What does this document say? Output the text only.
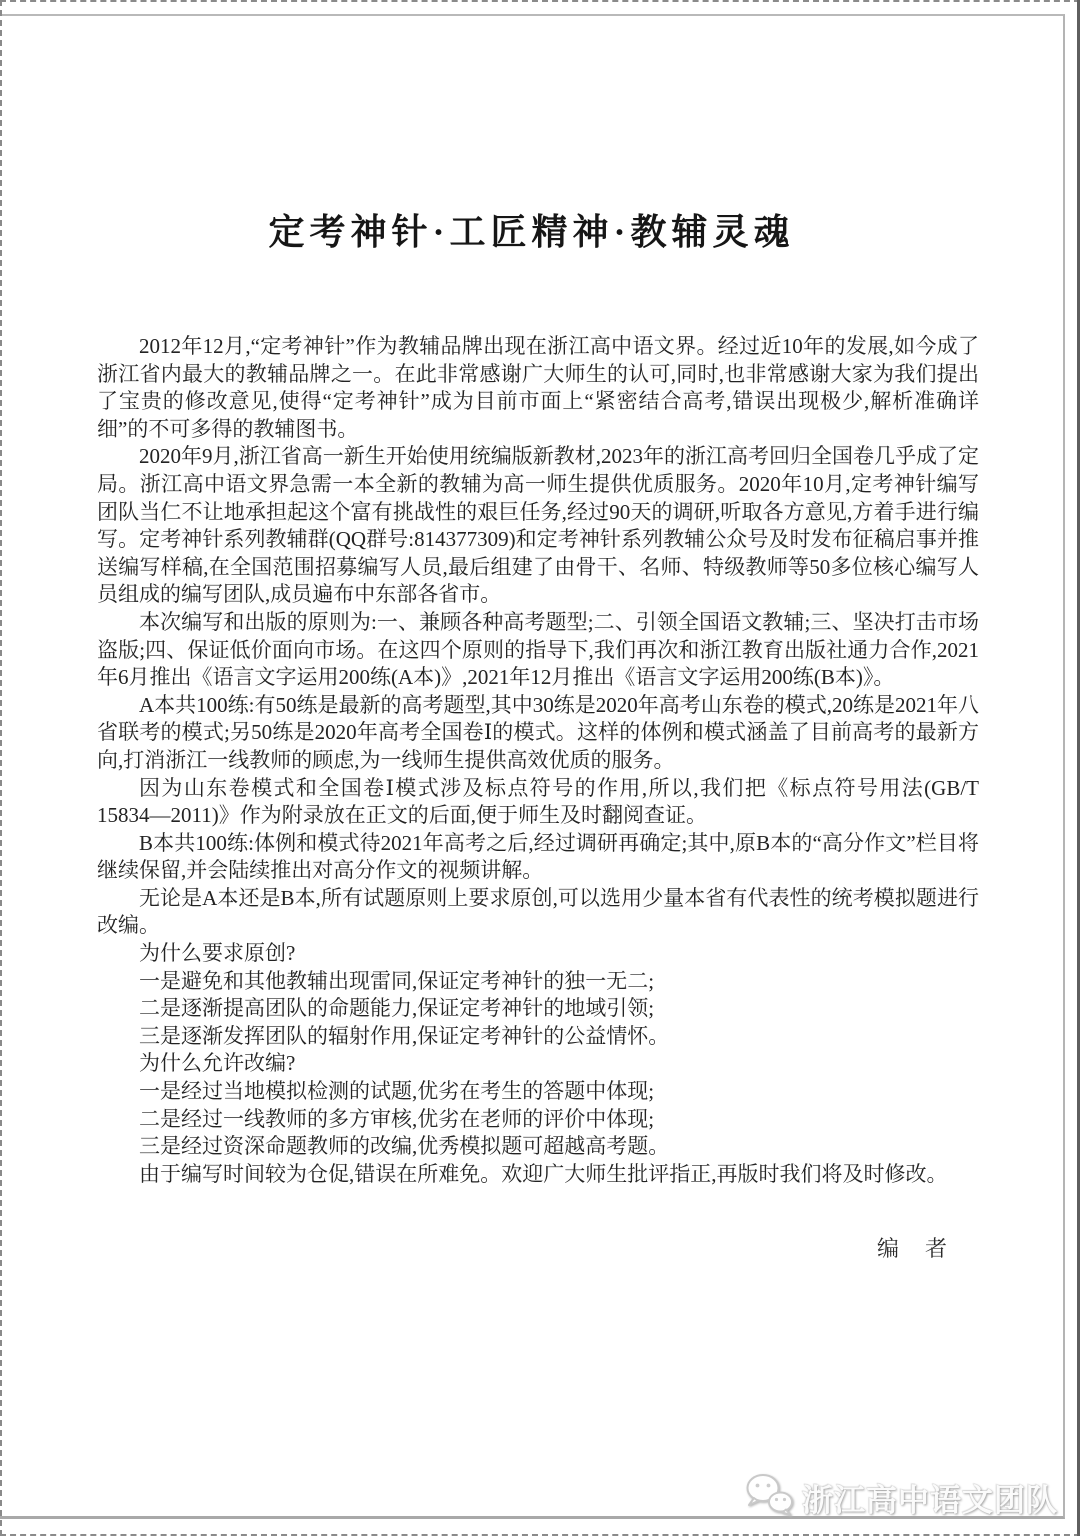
定考神针·工匠精神·教辅灵魂

2012年12月,“定考神针”作为教辅品牌出现在浙江高中语文界。经过近10年的发展,如今成了浙江省内最大的教辅品牌之一。在此非常感谢广大师生的认可,同时,也非常感谢大家为我们提出了宝贵的修改意见,使得“定考神针”成为目前市面上“紧密结合高考,错误出现极少,解析准确详细”的不可多得的教辅图书。

2020年9月,浙江省高一新生开始使用统编版新教材,2023年的浙江高考回归全国卷几乎成了定局。浙江高中语文界急需一本全新的教辅为高一师生提供优质服务。2020年10月,定考神针编写团队当仁不让地承担起这个富有挑战性的艰巨任务,经过90天的调研,听取各方意见,方着手进行编写。定考神针系列教辅群(QQ群号:814377309)和定考神针系列教辅公众号及时发布征稿启事并推送编写样稿,在全国范围招募编写人员,最后组建了由骨干、名师、特级教师等50多位核心编写人员组成的编写团队,成员遍布中东部各省市。

本次编写和出版的原则为:一、兼顾各种高考题型;二、引领全国语文教辅;三、坚决打击市场盗版;四、保证低价面向市场。在这四个原则的指导下,我们再次和浙江教育出版社通力合作,2021年6月推出《语言文字运用200练(A本)》,2021年12月推出《语言文字运用200练(B本)》。

A本共100练:有50练是最新的高考题型,其中30练是2020年高考山东卷的模式,20练是2021年八省联考的模式;另50练是2020年高考全国卷Ⅰ的模式。这样的体例和模式涵盖了目前高考的最新方向,打消浙江一线教师的顾虑,为一线师生提供高效优质的服务。

因为山东卷模式和全国卷Ⅰ模式涉及标点符号的作用,所以,我们把《标点符号用法(GB/T 15834—2011)》作为附录放在正文的后面,便于师生及时翻阅查证。

B本共100练:体例和模式待2021年高考之后,经过调研再确定;其中,原B本的“高分作文”栏目将继续保留,并会陆续推出对高分作文的视频讲解。

无论是A本还是B本,所有试题原则上要求原创,可以选用少量本省有代表性的统考模拟题进行改编。

为什么要求原创?

一是避免和其他教辅出现雷同,保证定考神针的独一无二;

二是逐渐提高团队的命题能力,保证定考神针的地域引领;

三是逐渐发挥团队的辐射作用,保证定考神针的公益情怀。

为什么允许改编?

一是经过当地模拟检测的试题,优劣在考生的答题中体现;

二是经过一线教师的多方审核,优劣在老师的评价中体现;

三是经过资深命题教师的改编,优秀模拟题可超越高考题。

由于编写时间较为仓促,错误在所难免。欢迎广大师生批评指正,再版时我们将及时修改。

编　者
浙江高中语文团队
